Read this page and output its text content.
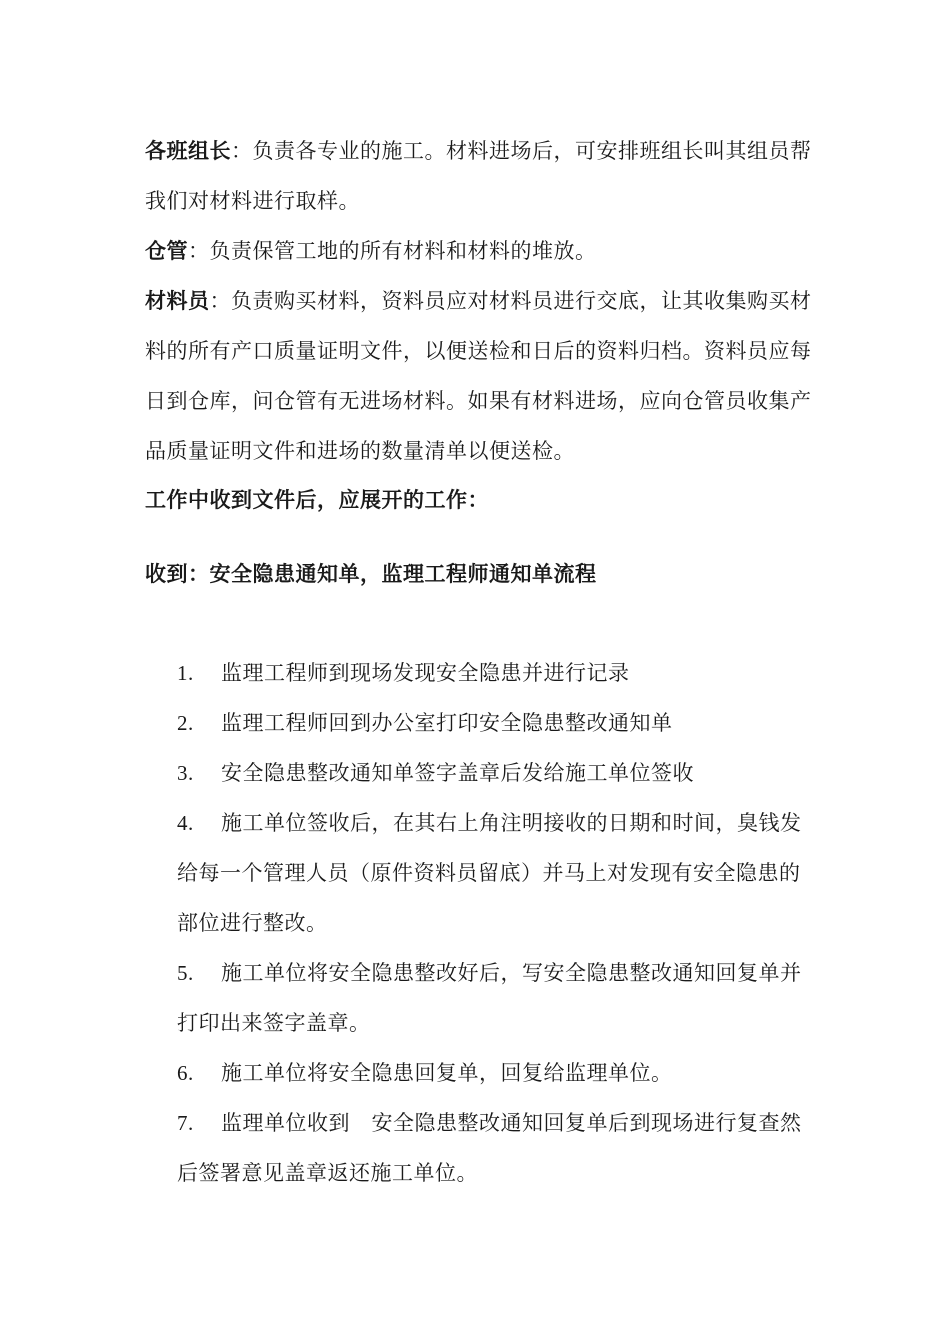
各班组长：负责各专业的施工。材料进场后，可安排班组长叫其组员帮我们对材料进行取样。
仓管：负责保管工地的所有材料和材料的堆放。
材料员：负责购买材料，资料员应对材料员进行交底，让其收集购买材料的所有产口质量证明文件，以便送检和日后的资料归档。资料员应每日到仓库，问仓管有无进场材料。如果有材料进场，应向仓管员收集产品质量证明文件和进场的数量清单以便送检。
工作中收到文件后，应展开的工作：
收到：安全隐患通知单，监理工程师通知单流程
1. 监理工程师到现场发现安全隐患并进行记录
2. 监理工程师回到办公室打印安全隐患整改通知单
3. 安全隐患整改通知单签字盖章后发给施工单位签收
4. 施工单位签收后，在其右上角注明接收的日期和时间，臭钱发给每一个管理人员（原件资料员留底）并马上对发现有安全隐患的部位进行整改。
5. 施工单位将安全隐患整改好后，写安全隐患整改通知回复单并打印出来签字盖章。
6. 施工单位将安全隐患回复单，回复给监理单位。
7. 监理单位收到　安全隐患整改通知回复单后到现场进行复查然后签署意见盖章返还施工单位。
